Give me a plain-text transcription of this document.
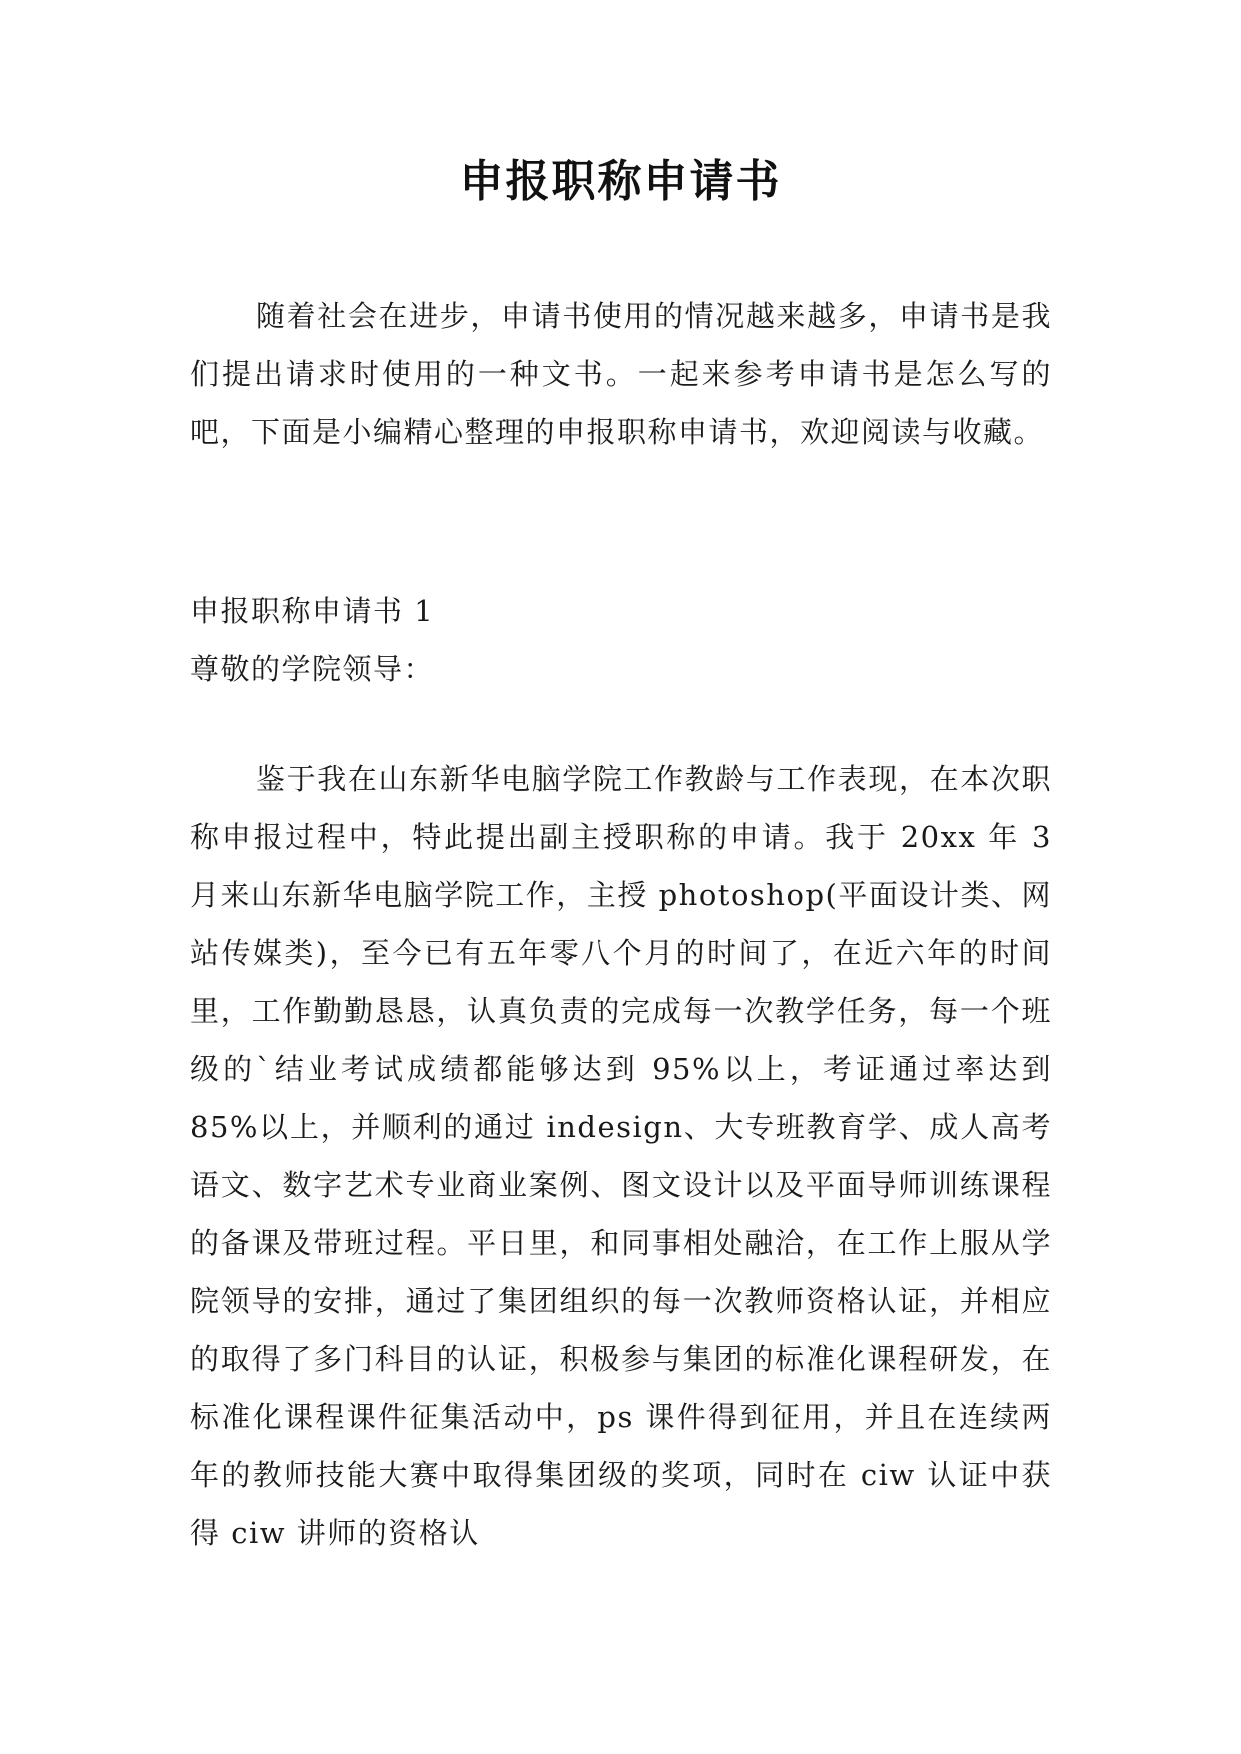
申报职称申请书

随着社会在进步，申请书使用的情况越来越多，申请书是我们提出请求时使用的一种文书。一起来参考申请书是怎么写的吧，下面是小编精心整理的申报职称申请书，欢迎阅读与收藏。

申报职称申请书 1
尊敬的学院领导：

鉴于我在山东新华电脑学院工作教龄与工作表现，在本次职称申报过程中，特此提出副主授职称的申请。我于 20xx 年 3 月来山东新华电脑学院工作，主授 photoshop(平面设计类、网站传媒类)，至今已有五年零八个月的时间了，在近六年的时间里，工作勤勤恳恳，认真负责的完成每一次教学任务，每一个班级的`结业考试成绩都能够达到 95%以上，考证通过率达到 85%以上，并顺利的通过 indesign、大专班教育学、成人高考语文、数字艺术专业商业案例、图文设计以及平面导师训练课程的备课及带班过程。平日里，和同事相处融洽，在工作上服从学院领导的安排，通过了集团组织的每一次教师资格认证，并相应的取得了多门科目的认证，积极参与集团的标准化课程研发，在标准化课程课件征集活动中，ps 课件得到征用，并且在连续两年的教师技能大赛中取得集团级的奖项，同时在 ciw 认证中获得 ciw 讲师的资格认
